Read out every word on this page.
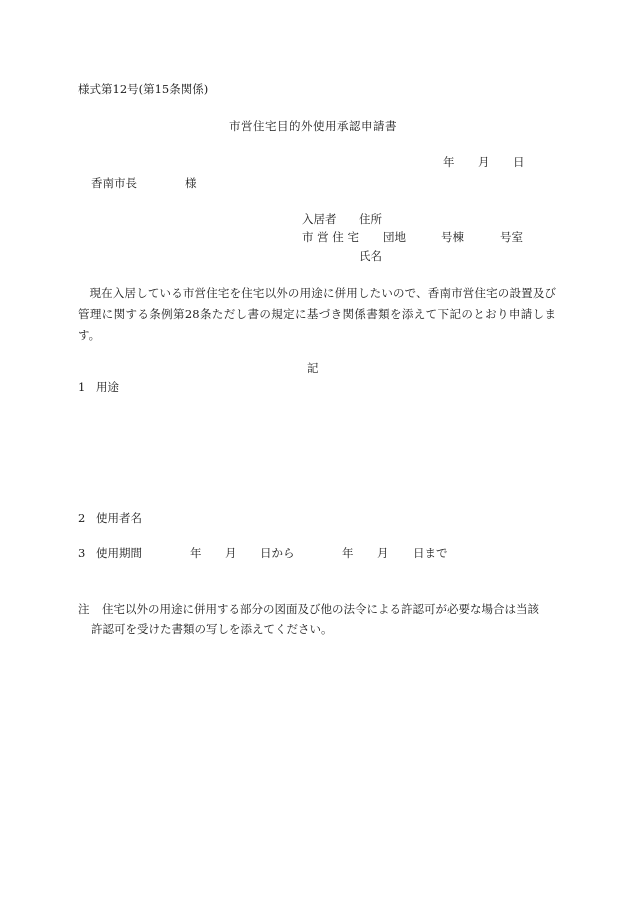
様式第12号(第15条関係)
市営住宅目的外使用承認申請書
年 月 日
香南市長	様
入居者 住所
市 営 住 宅 団地	号棟	号室
氏名
現在入居している市営住宅を住宅以外の用途に併用したいので、香南市営住宅の設置及び管理に関する条例第28条ただし書の規定に基づき関係書類を添えて下記のとおり申請します。
記
1 用途
2 使用者名
3 使用期間	年 月 日から	年 月 日まで
注 住宅以外の用途に併用する部分の図面及び他の法令による許認可が必要な場合は当該
許認可を受けた書類の写しを添えてください。
